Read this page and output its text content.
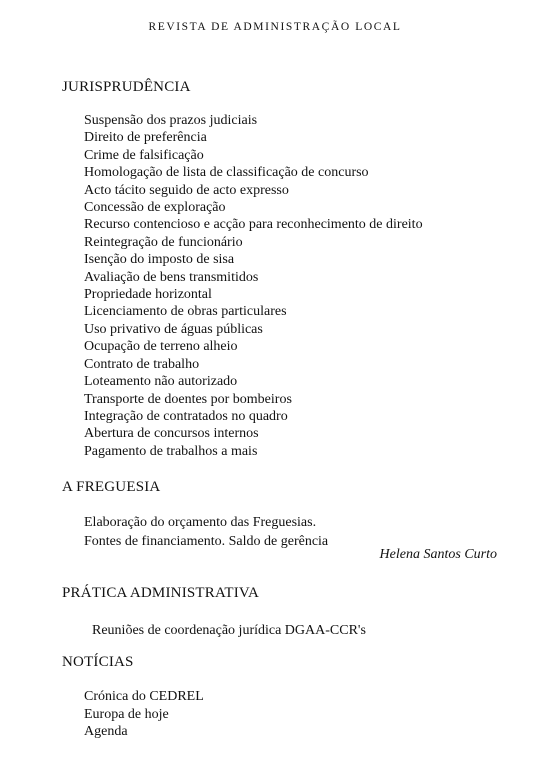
REVISTA DE ADMINISTRAÇÃO LOCAL
JURISPRUDÊNCIA
Suspensão dos prazos judiciais
Direito de preferência
Crime de falsificação
Homologação de lista de classificação de concurso
Acto tácito seguido de acto expresso
Concessão de exploração
Recurso contencioso e acção para reconhecimento de direito
Reintegração de funcionário
Isenção do imposto de sisa
Avaliação de bens transmitidos
Propriedade horizontal
Licenciamento de obras particulares
Uso privativo de águas públicas
Ocupação de terreno alheio
Contrato de trabalho
Loteamento não autorizado
Transporte de doentes por bombeiros
Integração de contratados no quadro
Abertura de concursos internos
Pagamento de trabalhos a mais
A FREGUESIA
Elaboração do orçamento das Freguesias.
Fontes de financiamento. Saldo de gerência
Helena Santos Curto
PRÁTICA ADMINISTRATIVA
Reuniões de coordenação jurídica DGAA-CCR's
NOTÍCIAS
Crónica do CEDREL
Europa de hoje
Agenda
